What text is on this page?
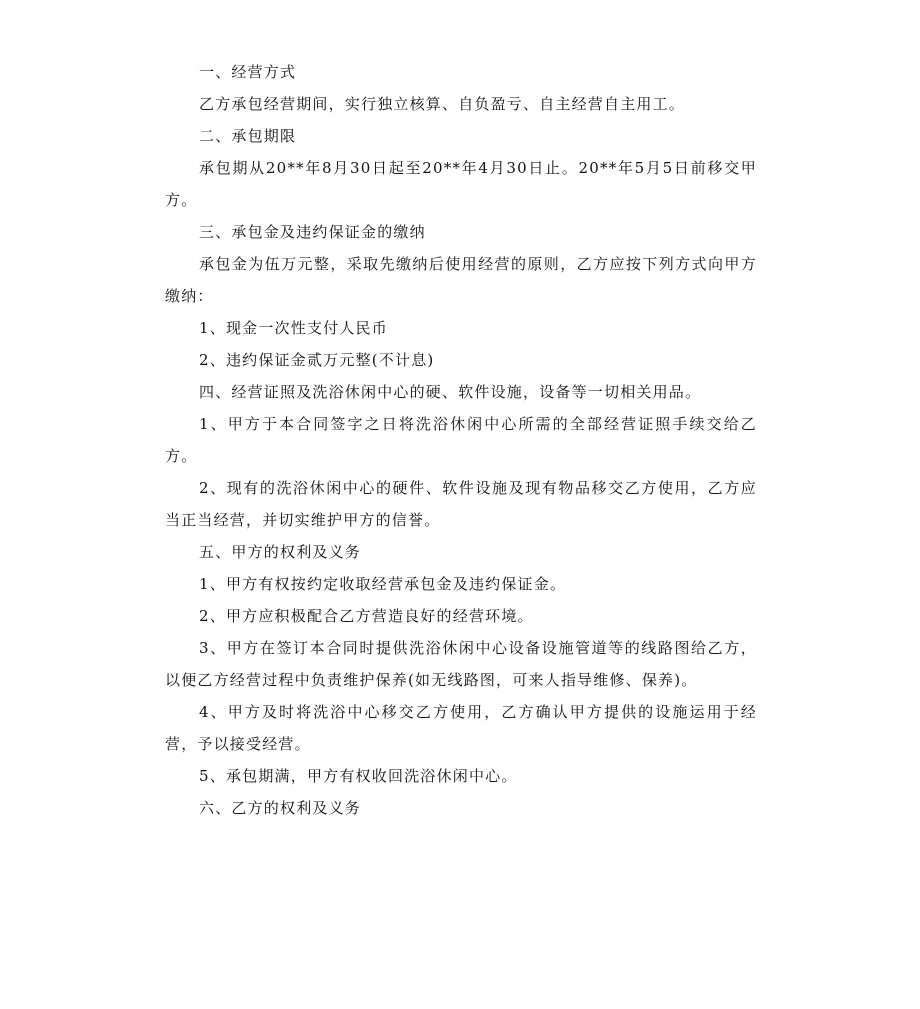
一、经营方式

乙方承包经营期间，实行独立核算、自负盈亏、自主经营自主用工。

二、承包期限

承包期从20**年8月30日起至20**年4月30日止。20**年5月5日前移交甲方。

三、承包金及违约保证金的缴纳

承包金为伍万元整，采取先缴纳后使用经营的原则，乙方应按下列方式向甲方缴纳：

1、现金一次性支付人民币

2、违约保证金贰万元整(不计息)

四、经营证照及洗浴休闲中心的硬、软件设施，设备等一切相关用品。

1、甲方于本合同签字之日将洗浴休闲中心所需的全部经营证照手续交给乙方。

2、现有的洗浴休闲中心的硬件、软件设施及现有物品移交乙方使用，乙方应当正当经营，并切实维护甲方的信誉。

五、甲方的权利及义务

1、甲方有权按约定收取经营承包金及违约保证金。

2、甲方应积极配合乙方营造良好的经营环境。

3、甲方在签订本合同时提供洗浴休闲中心设备设施管道等的线路图给乙方，以便乙方经营过程中负责维护保养(如无线路图，可来人指导维修、保养)。

4、甲方及时将洗浴中心移交乙方使用，乙方确认甲方提供的设施运用于经营，予以接受经营。

5、承包期满，甲方有权收回洗浴休闲中心。

六、乙方的权利及义务
